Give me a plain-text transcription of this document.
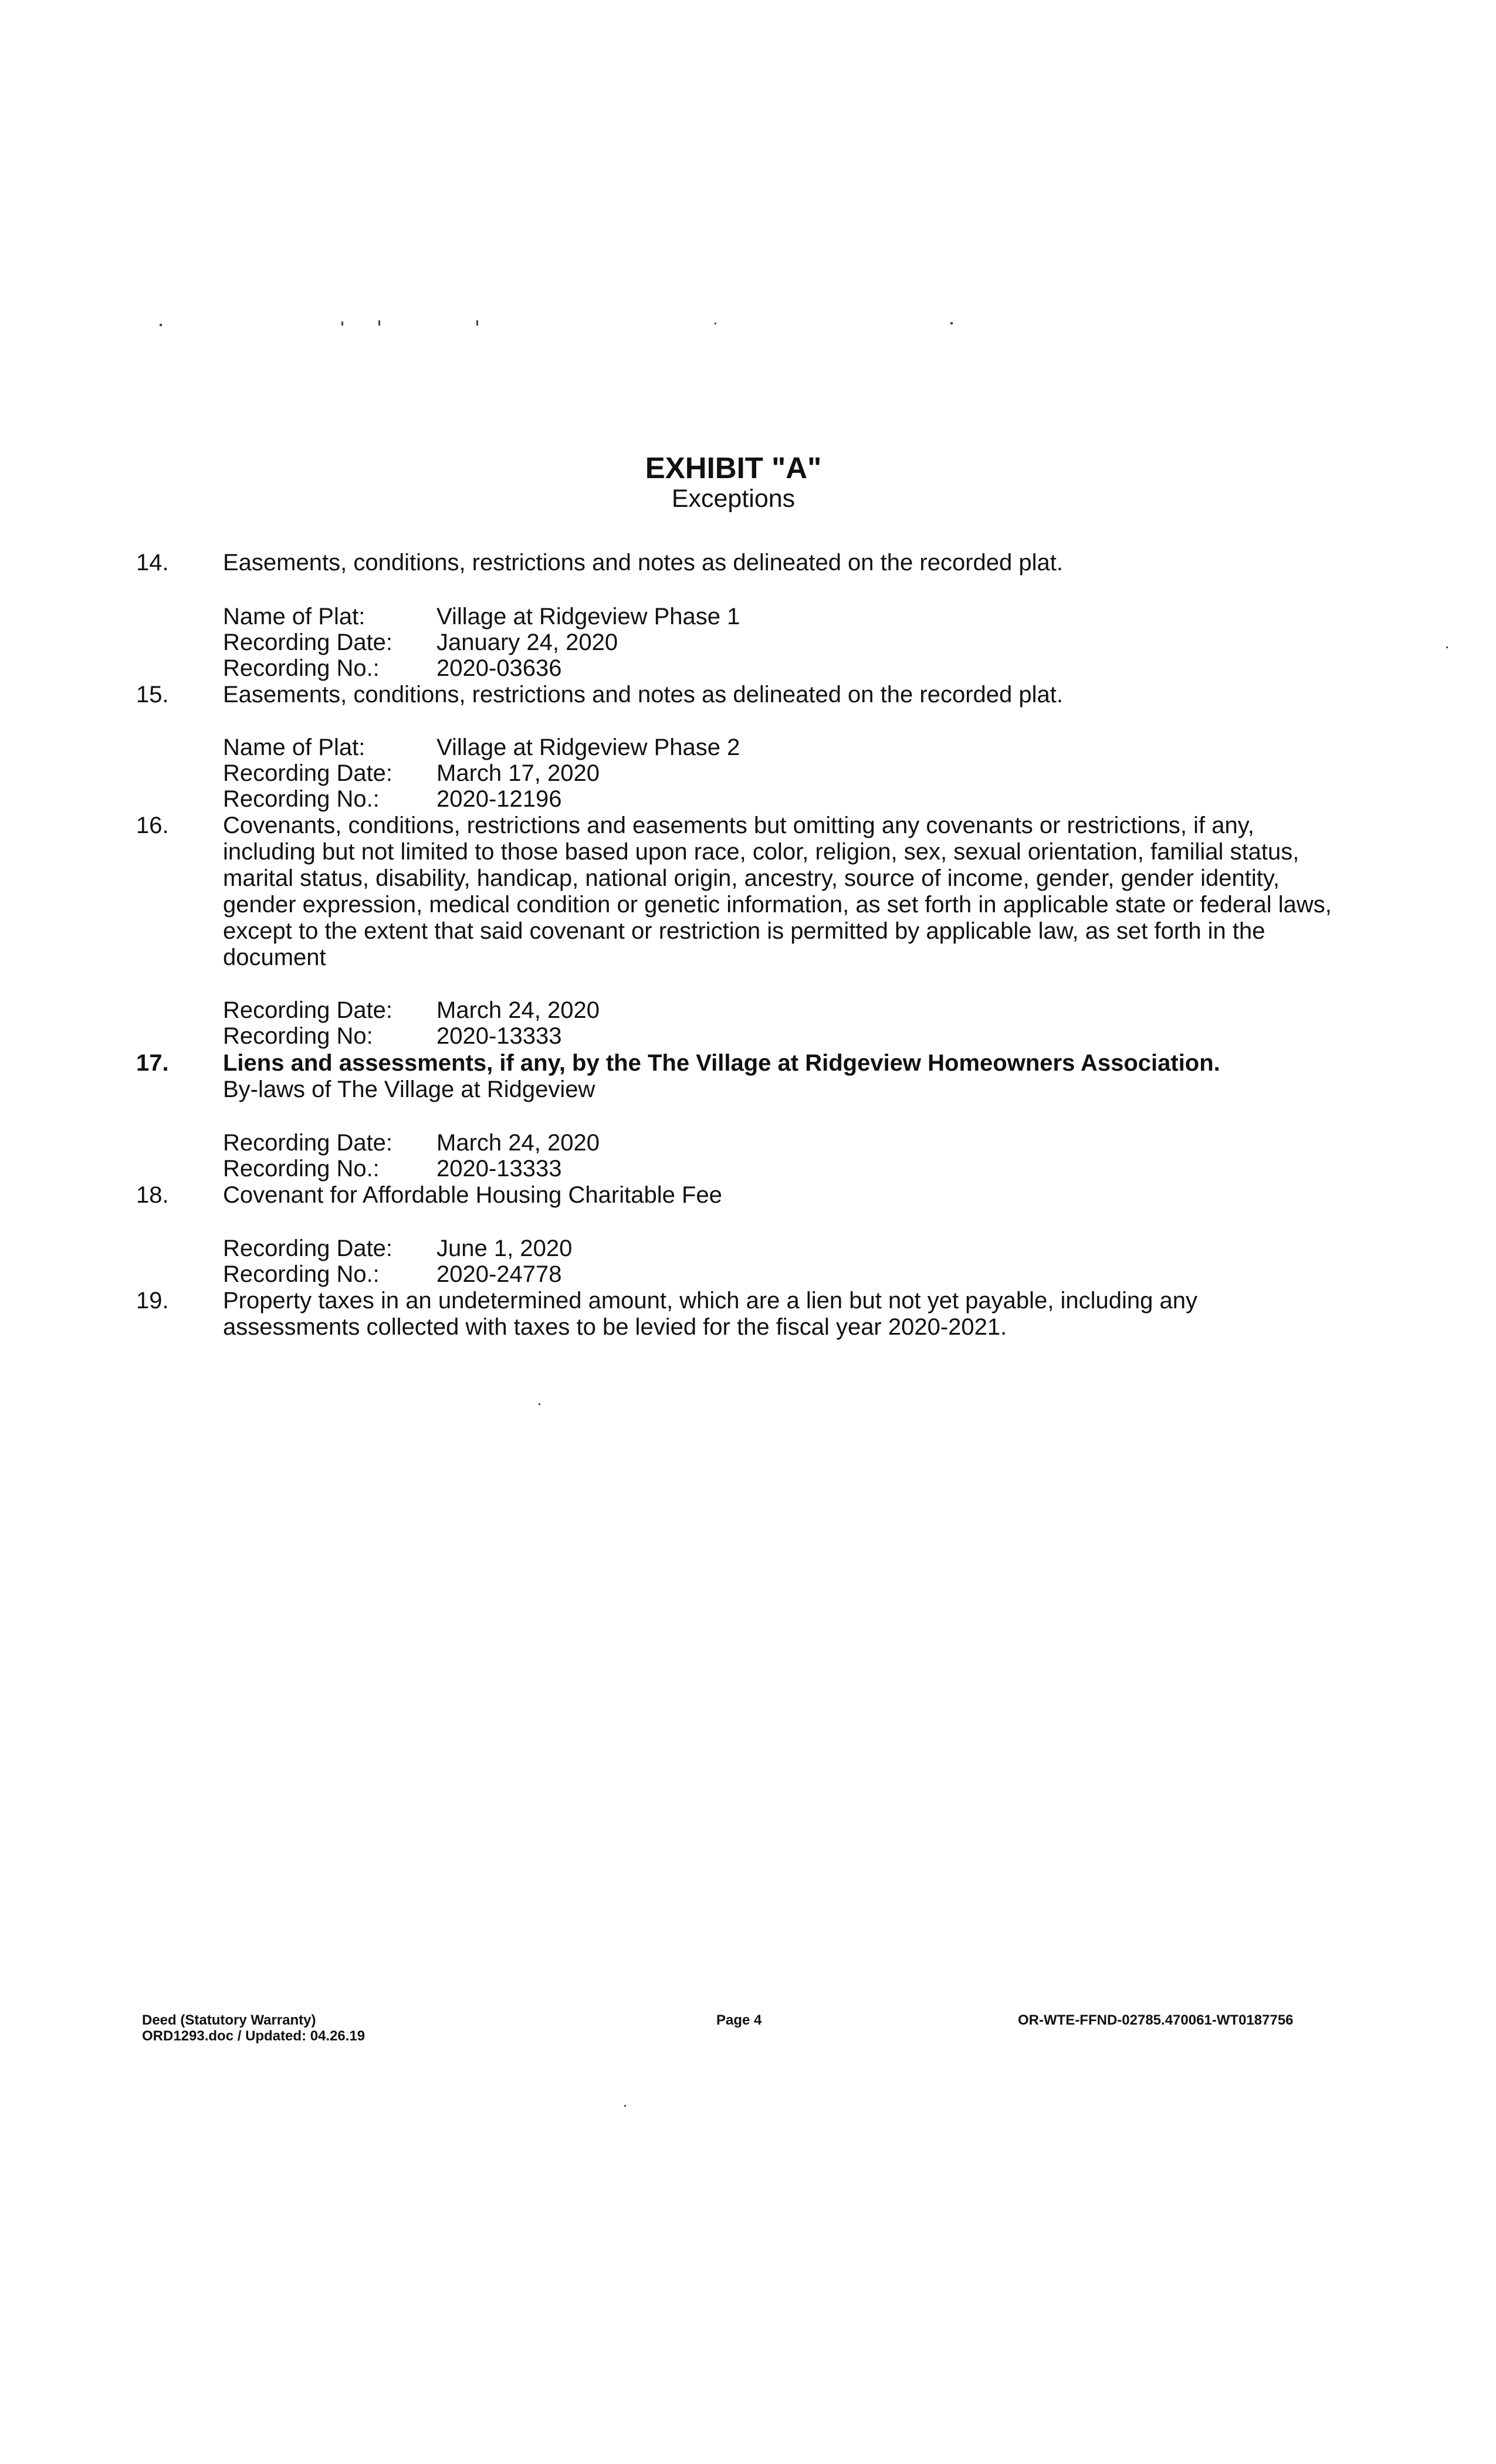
EXHIBIT "A"
Exceptions
14. Easements, conditions, restrictions and notes as delineated on the recorded plat.
Name of Plat:	Village at Ridgeview Phase 1
Recording Date: January 24, 2020
Recording No.: 2020-03636
15. Easements, conditions, restrictions and notes as delineated on the recorded plat.
Name of Plat:	Village at Ridgeview Phase 2
Recording Date: March 17, 2020
Recording No.: 2020-12196
16. Covenants, conditions, restrictions and easements but omitting any covenants or restrictions, if any, including but not limited to those based upon race, color, religion, sex, sexual orientation, familial status, marital status, disability, handicap, national origin, ancestry, source of income, gender, gender identity, gender expression, medical condition or genetic information, as set forth in applicable state or federal laws, except to the extent that said covenant or restriction is permitted by applicable law, as set forth in the document
Recording Date: March 24, 2020
Recording No:	2020-13333
17. Liens and assessments, if any, by the The Village at Ridgeview Homeowners Association.
By-laws of The Village at Ridgeview
Recording Date: March 24, 2020
Recording No.: 2020-13333
18. Covenant for Affordable Housing Charitable Fee
Recording Date: June 1, 2020
Recording No.: 2020-24778
19. Property taxes in an undetermined amount, which are a lien but not yet payable, including any assessments collected with taxes to be levied for the fiscal year 2020-2021.
Deed (Statutory Warranty)
ORD1293.doc / Updated: 04.26.19
Page 4	OR-WTE-FFND-02785.470061-WT0187756
